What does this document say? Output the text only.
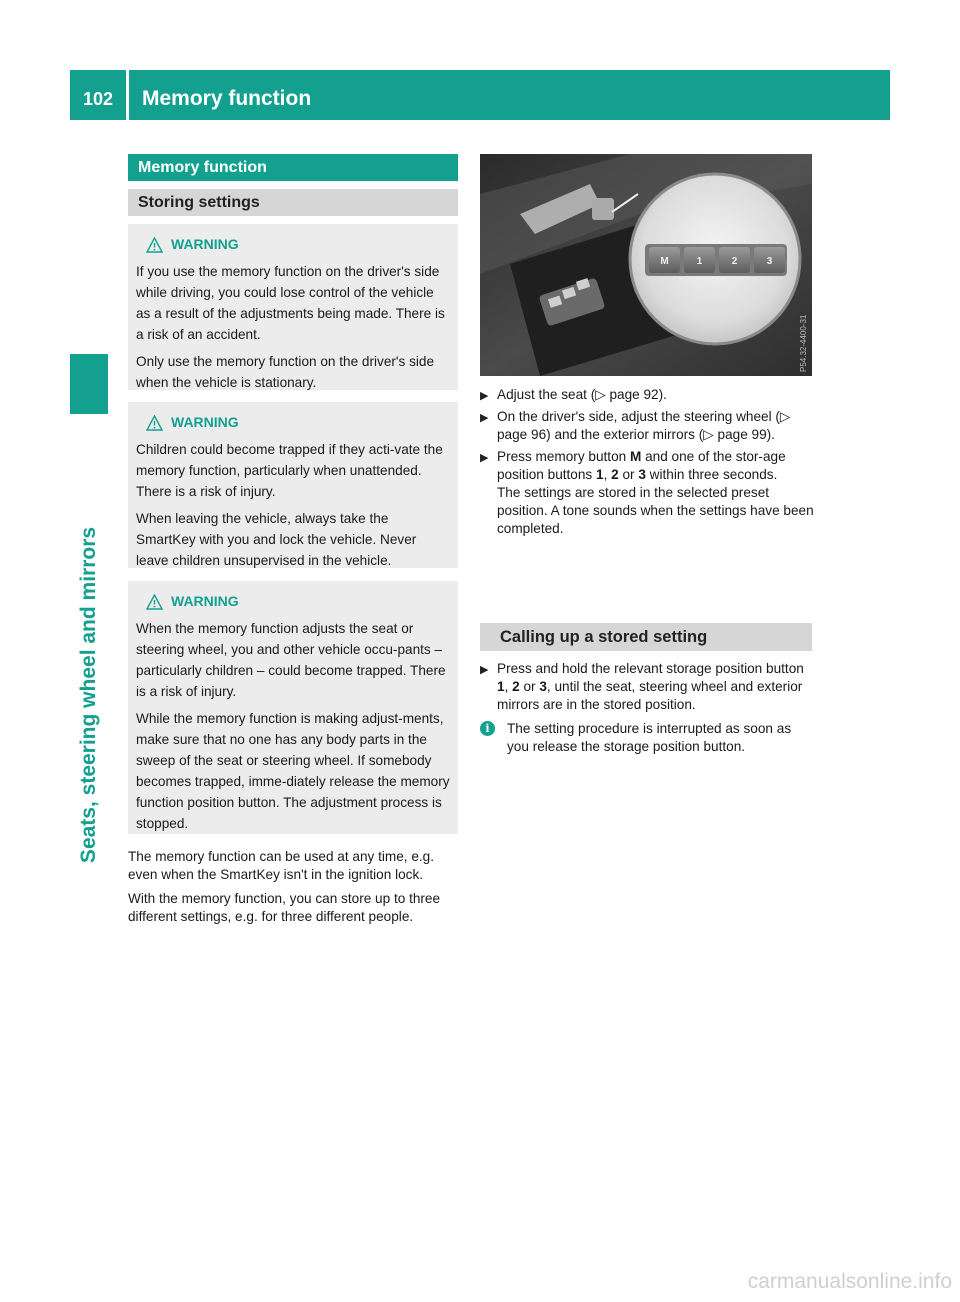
102	Memory function
Seats, steering wheel and mirrors
Memory function
Storing settings
WARNING

If you use the memory function on the driver's side while driving, you could lose control of the vehicle as a result of the adjustments being made. There is a risk of an accident.

Only use the memory function on the driver's side when the vehicle is stationary.

WARNING

Children could become trapped if they acti-vate the memory function, particularly when unattended. There is a risk of injury.

When leaving the vehicle, always take the SmartKey with you and lock the vehicle. Never leave children unsupervised in the vehicle.

WARNING

When the memory function adjusts the seat or steering wheel, you and other vehicle occu-pants – particularly children – could become trapped. There is a risk of injury.

While the memory function is making adjust-ments, make sure that no one has any body parts in the sweep of the seat or steering wheel. If somebody becomes trapped, imme-diately release the memory function position button. The adjustment process is stopped.

The memory function can be used at any time, e.g. even when the SmartKey isn't in the ignition lock.

With the memory function, you can store up to three different settings, e.g. for three different people.

M	1	2	3
P54.32-4400-31
▶ Adjust the seat (▷ page 92).
▶ On the driver's side, adjust the steering wheel (▷ page 96) and the exterior mirrors (▷ page 99).
▶ Press memory button M and one of the stor-age position buttons 1, 2 or 3 within three seconds.
The settings are stored in the selected preset position. A tone sounds when the settings have been completed.
Calling up a stored setting
▶ Press and hold the relevant storage position button 1, 2 or 3, until the seat, steering wheel and exterior mirrors are in the stored position.
i	The setting procedure is interrupted as soon as you release the storage position button.
carmanualsonline.info
